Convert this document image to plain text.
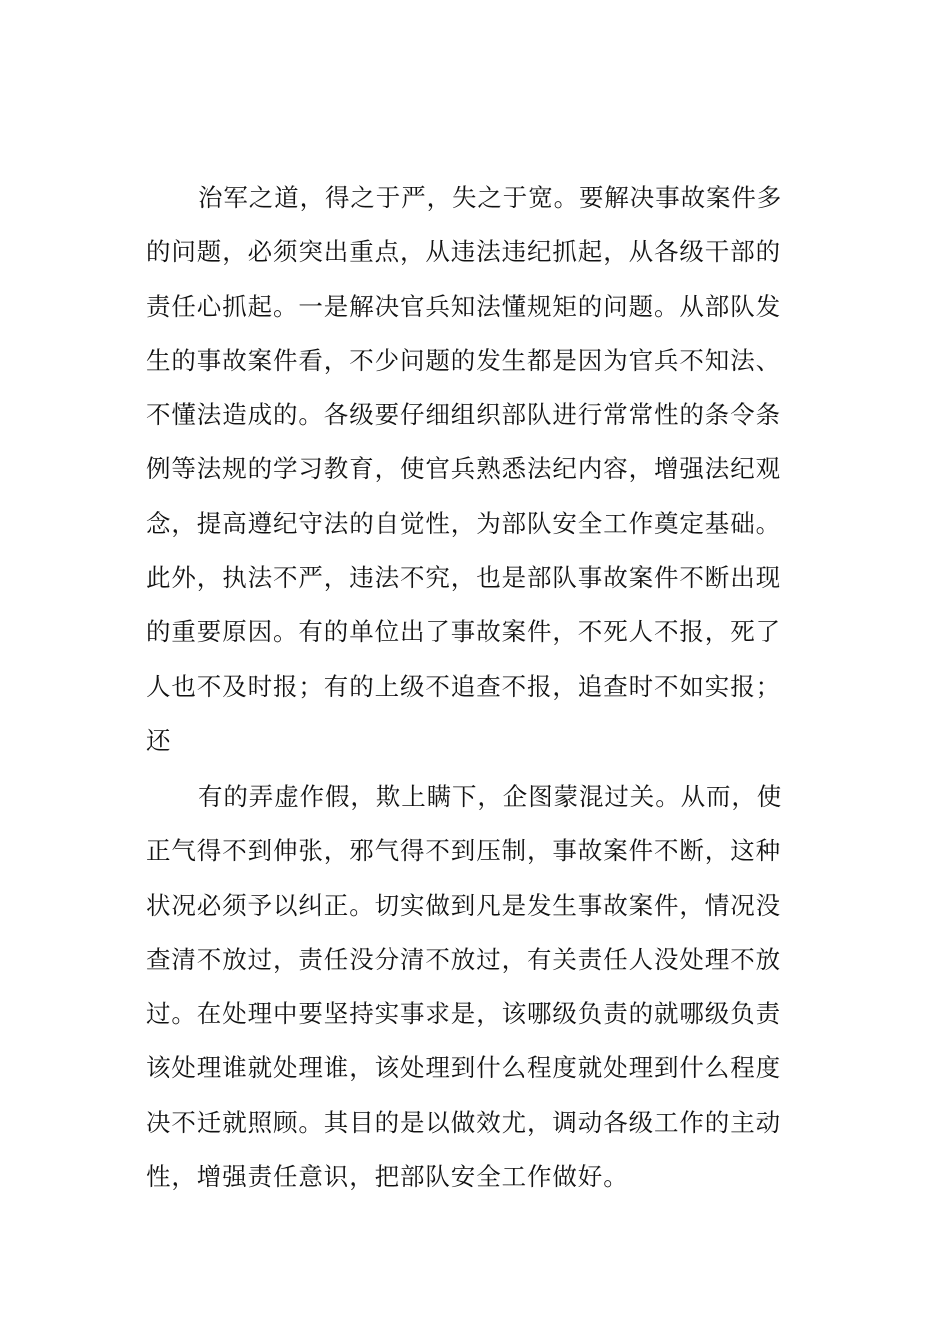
治军之道，得之于严，失之于宽。要解决事故案件多
的问题，必须突出重点，从违法违纪抓起，从各级干部的
责任心抓起。一是解决官兵知法懂规矩的问题。从部队发
生的事故案件看，不少问题的发生都是因为官兵不知法、
不懂法造成的。各级要仔细组织部队进行常常性的条令条
例等法规的学习教育，使官兵熟悉法纪内容，增强法纪观
念，提高遵纪守法的自觉性，为部队安全工作奠定基础。
此外，执法不严，违法不究，也是部队事故案件不断出现
的重要原因。有的单位出了事故案件，不死人不报，死了
人也不及时报；有的上级不追查不报，追查时不如实报；
还
有的弄虚作假，欺上瞒下，企图蒙混过关。从而，使
正气得不到伸张，邪气得不到压制，事故案件不断，这种
状况必须予以纠正。切实做到凡是发生事故案件，情况没
查清不放过，责任没分清不放过，有关责任人没处理不放
过。在处理中要坚持实事求是，该哪级负责的就哪级负责
该处理谁就处理谁，该处理到什么程度就处理到什么程度
决不迁就照顾。其目的是以做效尤，调动各级工作的主动
性，增强责任意识，把部队安全工作做好。
